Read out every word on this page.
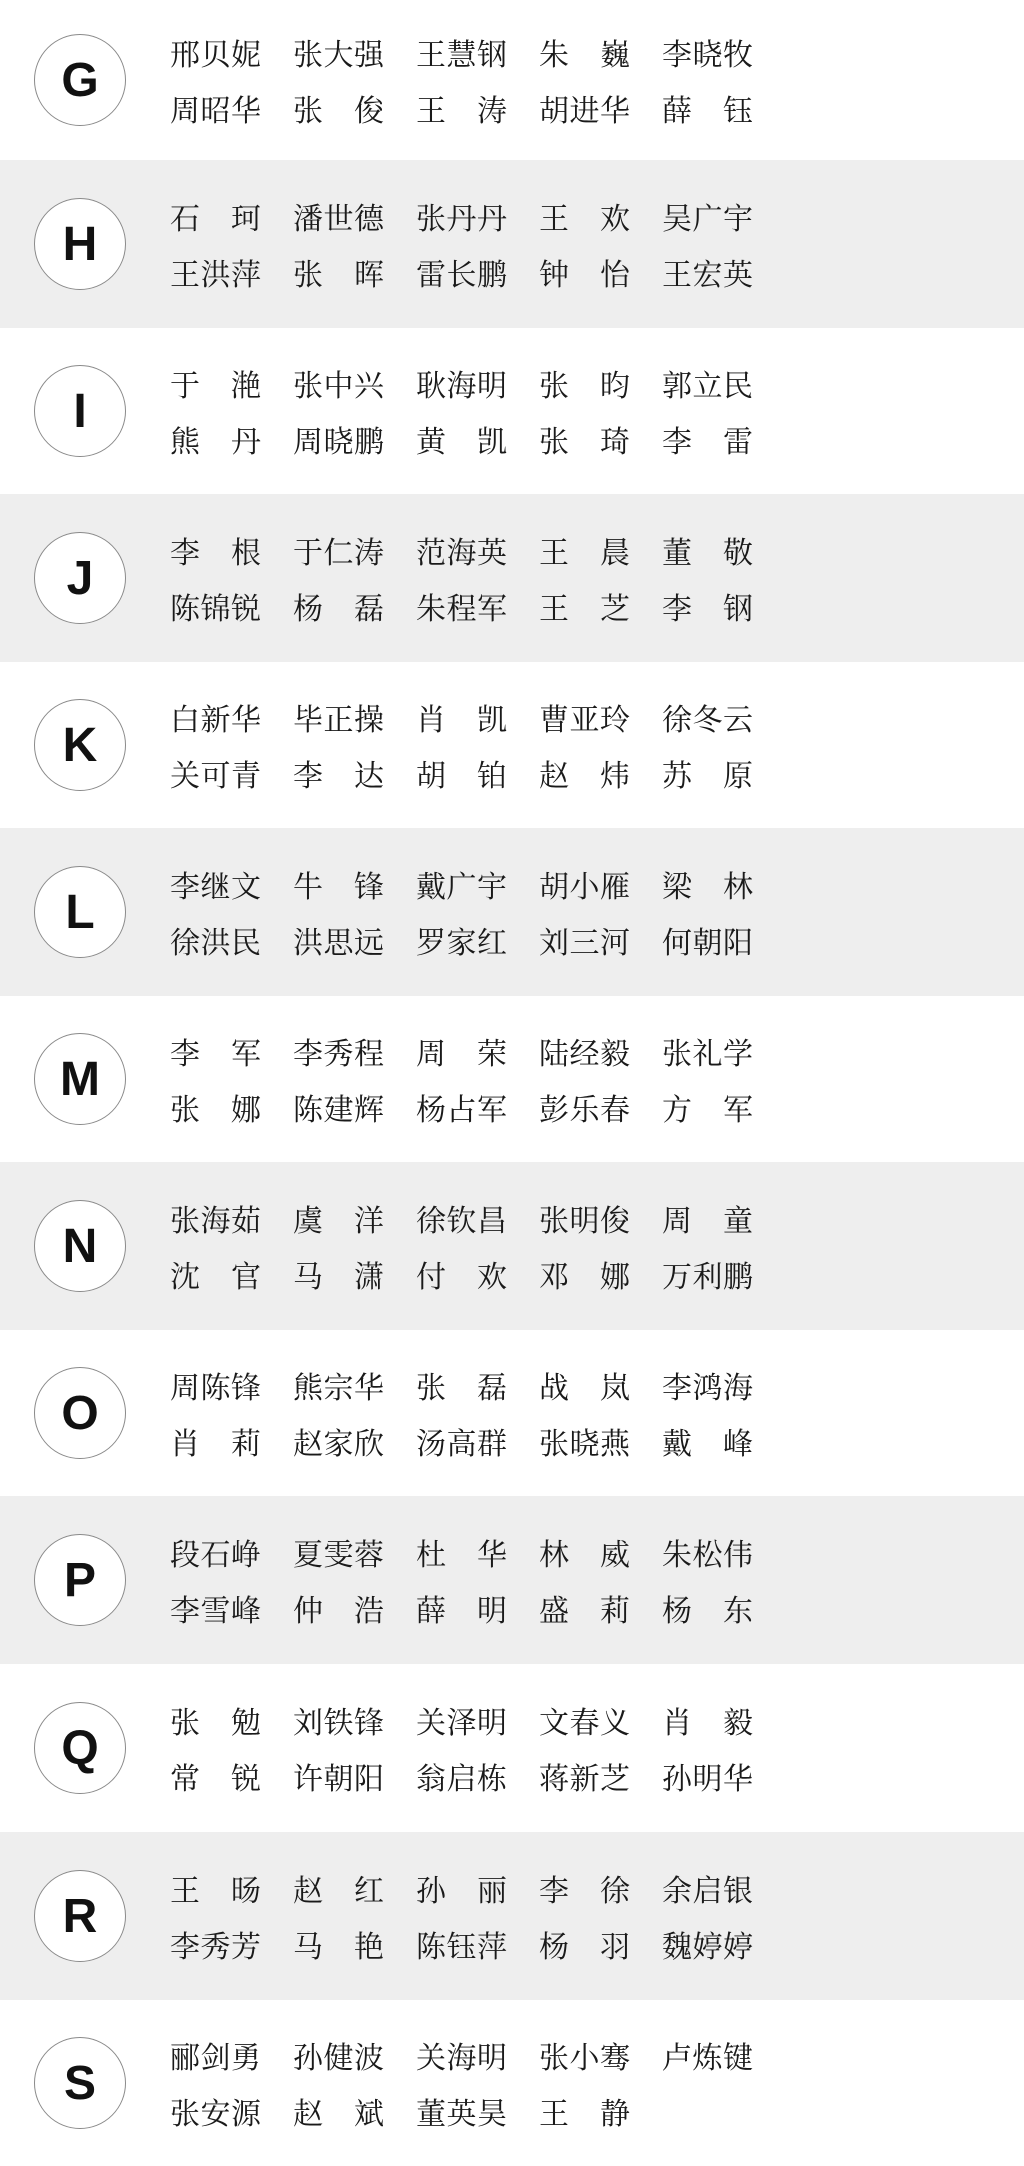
G	邢贝妮 张大强 王慧钢 朱　巍 李晓牧
周昭华 张　俊 王　涛 胡进华 薛　钰
H	石　珂 潘世德 张丹丹 王　欢 吴广宇
王洪萍 张　晖 雷长鹏 钟　怡 王宏英
I	于　滟 张中兴 耿海明 张　昀 郭立民
熊　丹 周晓鹏 黄　凯 张　琦 李　雷
J	李　根 于仁涛 范海英 王　晨 董　敬
陈锦锐 杨　磊 朱程军 王　芝 李　钢
K	白新华 毕正操 肖　凯 曹亚玲 徐冬云
关可青 李　达 胡　铂 赵　炜 苏　原
L	李继文 牛　锋 戴广宇 胡小雁 梁　林
徐洪民 洪思远 罗家红 刘三河 何朝阳
M	李　军 李秀程 周　荣 陆经毅 张礼学
张　娜 陈建辉 杨占军 彭乐春 方　军
N	张海茹 虞　洋 徐钦昌 张明俊 周　童
沈　官 马　潇 付　欢 邓　娜 万利鹏
O	周陈锋 熊宗华 张　磊 战　岚 李鸿海
肖　莉 赵家欣 汤高群 张晓燕 戴　峰
P	段石峥 夏雯蓉 杜　华 林　威 朱松伟
李雪峰 仲　浩 薛　明 盛　莉 杨　东
Q	张　勉 刘铁锋 关泽明 文春义 肖　毅
常　锐 许朝阳 翁启栋 蒋新芝 孙明华
R	王　旸 赵　红 孙　丽 李　徐 余启银
李秀芳 马　艳 陈钰萍 杨　羽 魏婷婷
S	郦剑勇 孙健波 关海明 张小骞 卢炼键
张安源 赵　斌 董英昊 王　静
